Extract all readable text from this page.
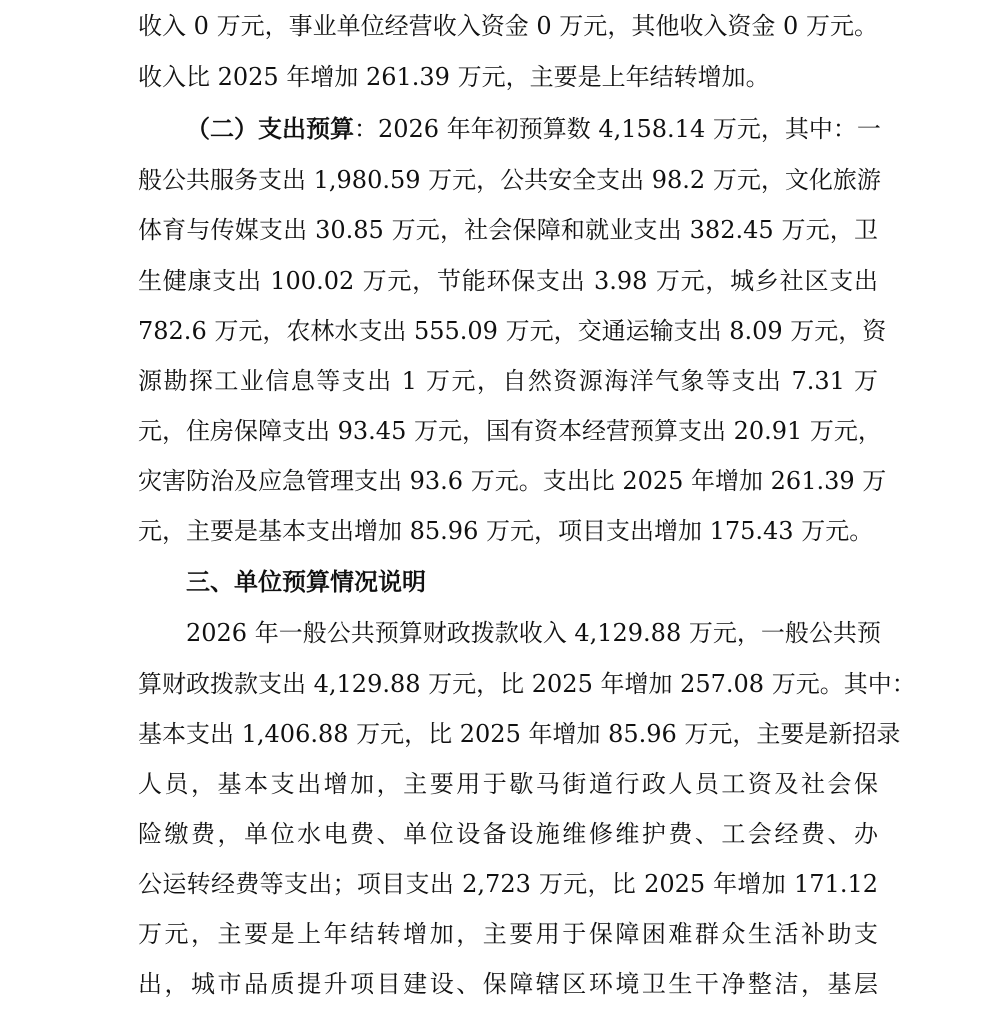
收入 0 万元，事业单位经营收入资金 0 万元，其他收入资金 0 万元。
收入比 2025 年增加 261.39 万元，主要是上年结转增加。
（二）支出预算：2026 年年初预算数 4,158.14 万元，其中：一
般公共服务支出 1,980.59 万元，公共安全支出 98.2 万元，文化旅游
体育与传媒支出 30.85 万元，社会保障和就业支出 382.45 万元，卫
生健康支出 100.02 万元，节能环保支出 3.98 万元，城乡社区支出
782.6 万元，农林水支出 555.09 万元，交通运输支出 8.09 万元，资
源勘探工业信息等支出 1 万元，自然资源海洋气象等支出 7.31 万
元，住房保障支出 93.45 万元，国有资本经营预算支出 20.91 万元，
灾害防治及应急管理支出 93.6 万元。支出比 2025 年增加 261.39 万
元，主要是基本支出增加 85.96 万元，项目支出增加 175.43 万元。
三、单位预算情况说明
2026 年一般公共预算财政拨款收入 4,129.88 万元，一般公共预
算财政拨款支出 4,129.88 万元，比 2025 年增加 257.08 万元。其中：
基本支出 1,406.88 万元，比 2025 年增加 85.96 万元，主要是新招录
人员，基本支出增加，主要用于歇马街道行政人员工资及社会保
险缴费，单位水电费、单位设备设施维修维护费、工会经费、办
公运转经费等支出；项目支出 2,723 万元，比 2025 年增加 171.12
万元，主要是上年结转增加，主要用于保障困难群众生活补助支
出，城市品质提升项目建设、保障辖区环境卫生干净整洁，基层
